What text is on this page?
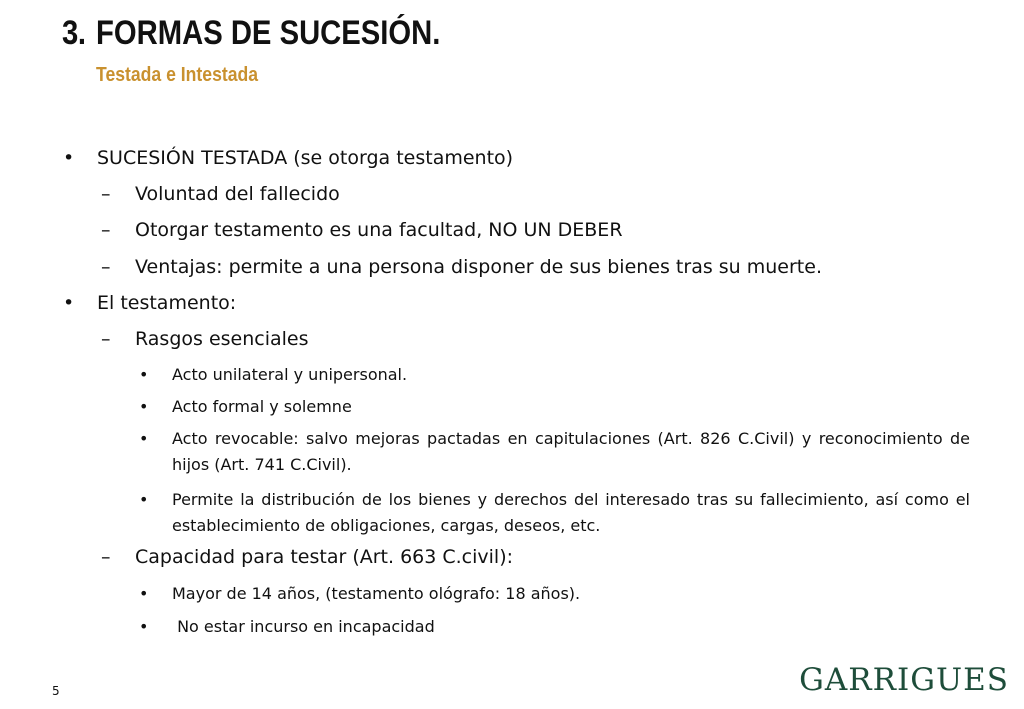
3. FORMAS DE SUCESIÓN.
Testada e Intestada
• SUCESIÓN TESTADA (se otorga testamento)
– Voluntad del fallecido
– Otorgar testamento es una facultad, NO UN DEBER
– Ventajas: permite a una persona disponer de sus bienes tras su muerte.
• El testamento:
– Rasgos esenciales
• Acto unilateral y unipersonal.
• Acto formal y solemne
• Acto revocable: salvo mejoras pactadas en capitulaciones (Art. 826 C.Civil) y reconocimiento de hijos (Art. 741 C.Civil).
• Permite la distribución de los bienes y derechos del interesado tras su fallecimiento, así como el establecimiento de obligaciones, cargas, deseos, etc.
– Capacidad para testar (Art. 663 C.civil):
• Mayor de 14 años, (testamento ológrafo: 18 años).
• No estar incurso en incapacidad
5	GARRIGUES
